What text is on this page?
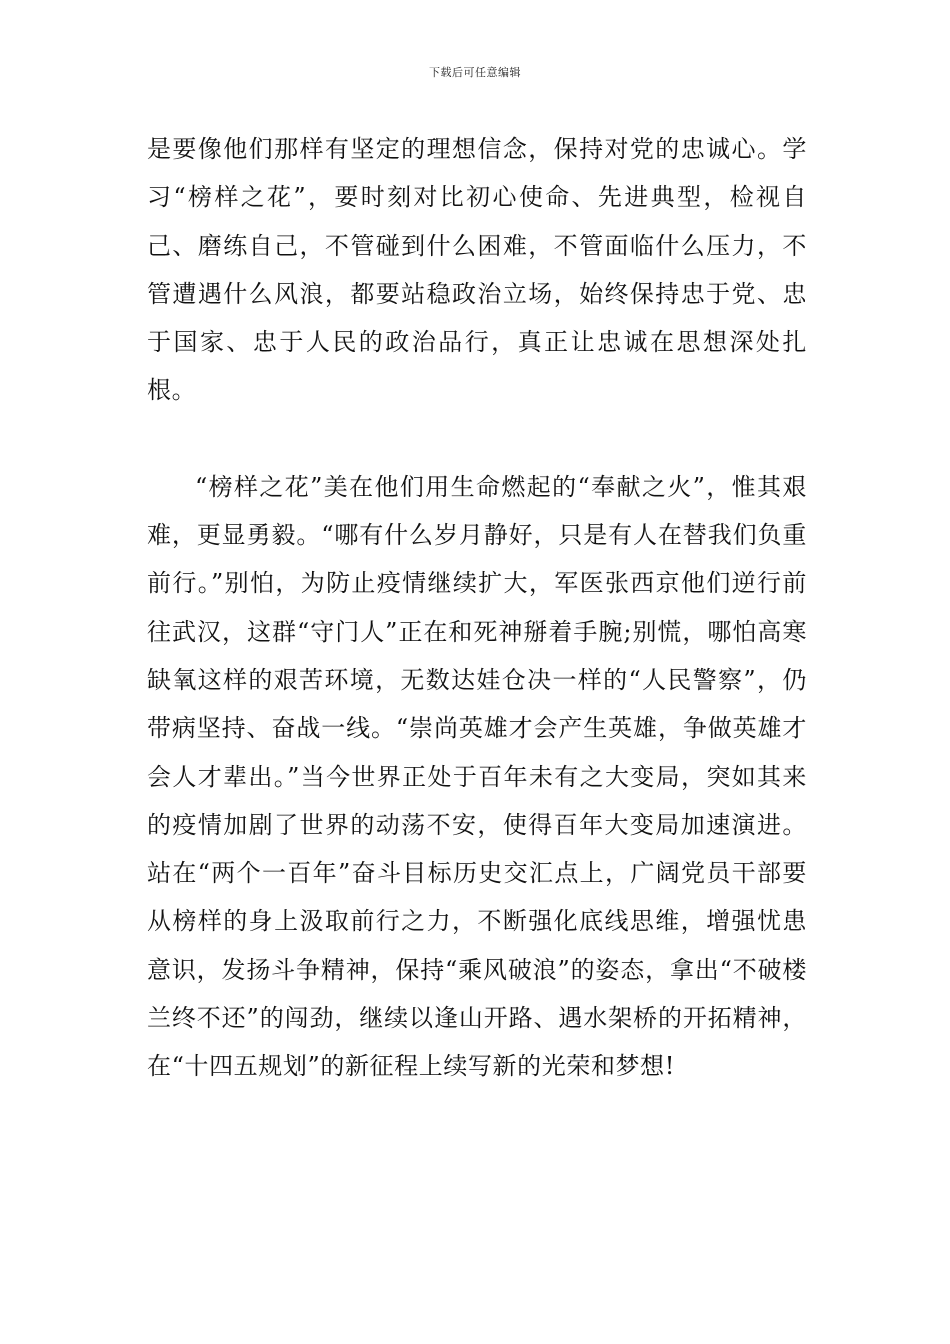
下载后可任意编辑

是要像他们那样有坚定的理想信念，保持对党的忠诚心。学习“榜样之花”，要时刻对比初心使命、先进典型，检视自己、磨练自己，不管碰到什么困难，不管面临什么压力，不管遭遇什么风浪，都要站稳政治立场，始终保持忠于党、忠于国家、忠于人民的政治品行，真正让忠诚在思想深处扎根。

“榜样之花”美在他们用生命燃起的“奉献之火”，惟其艰难，更显勇毅。“哪有什么岁月静好，只是有人在替我们负重前行。”别怕，为防止疫情继续扩大，军医张西京他们逆行前往武汉，这群“守门人”正在和死神掰着手腕;别慌，哪怕高寒缺氧这样的艰苦环境，无数达娃仓决一样的“人民警察”，仍带病坚持、奋战一线。“崇尚英雄才会产生英雄，争做英雄才会人才辈出。”当今世界正处于百年未有之大变局，突如其来的疫情加剧了世界的动荡不安，使得百年大变局加速演进。站在“两个一百年”奋斗目标历史交汇点上，广阔党员干部要从榜样的身上汲取前行之力，不断强化底线思维，增强忧患意识，发扬斗争精神，保持“乘风破浪”的姿态，拿出“不破楼兰终不还”的闯劲，继续以逢山开路、遇水架桥的开拓精神，在“十四五规划”的新征程上续写新的光荣和梦想!
